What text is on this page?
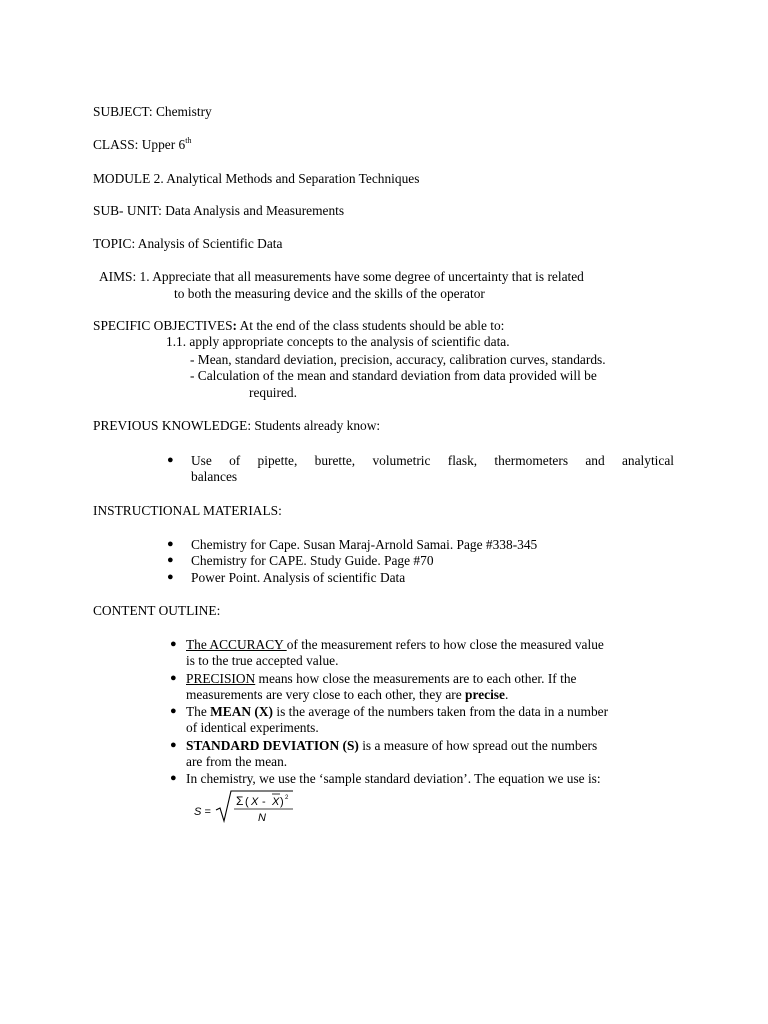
SUBJECT: Chemistry
CLASS: Upper 6th
MODULE 2. Analytical Methods and Separation Techniques
SUB- UNIT: Data Analysis and Measurements
TOPIC: Analysis of Scientific Data
AIMS: 1. Appreciate that all measurements have some degree of uncertainty that is related
to both the measuring device and the skills of the operator
SPECIFIC OBJECTIVES: At the end of the class students should be able to:
1.1. apply appropriate concepts to the analysis of scientific data.
- Mean, standard deviation, precision, accuracy, calibration curves, standards.
- Calculation of the mean and standard deviation from data provided will be
required.
PREVIOUS KNOWLEDGE: Students already know:
● Use of pipette, burette, volumetric flask, thermometers and analytical
balances
INSTRUCTIONAL MATERIALS:
● Chemistry for Cape. Susan Maraj-Arnold Samai. Page #338-345
● Chemistry for CAPE. Study Guide. Page #70
● Power Point. Analysis of scientific Data
CONTENT OUTLINE:
● The ACCURACY of the measurement refers to how close the measured value
is to the true accepted value.
● PRECISION means how close the measurements are to each other. If the
measurements are very close to each other, they are precise.
● The MEAN (X) is the average of the numbers taken from the data in a number
of identical experiments.
● STANDARD DEVIATION (S) is a measure of how spread out the numbers
are from the mean.
● In chemistry, we use the ‘sample standard deviation’. The equation we use is:
S =
Σ ( X - X ) 2
N
